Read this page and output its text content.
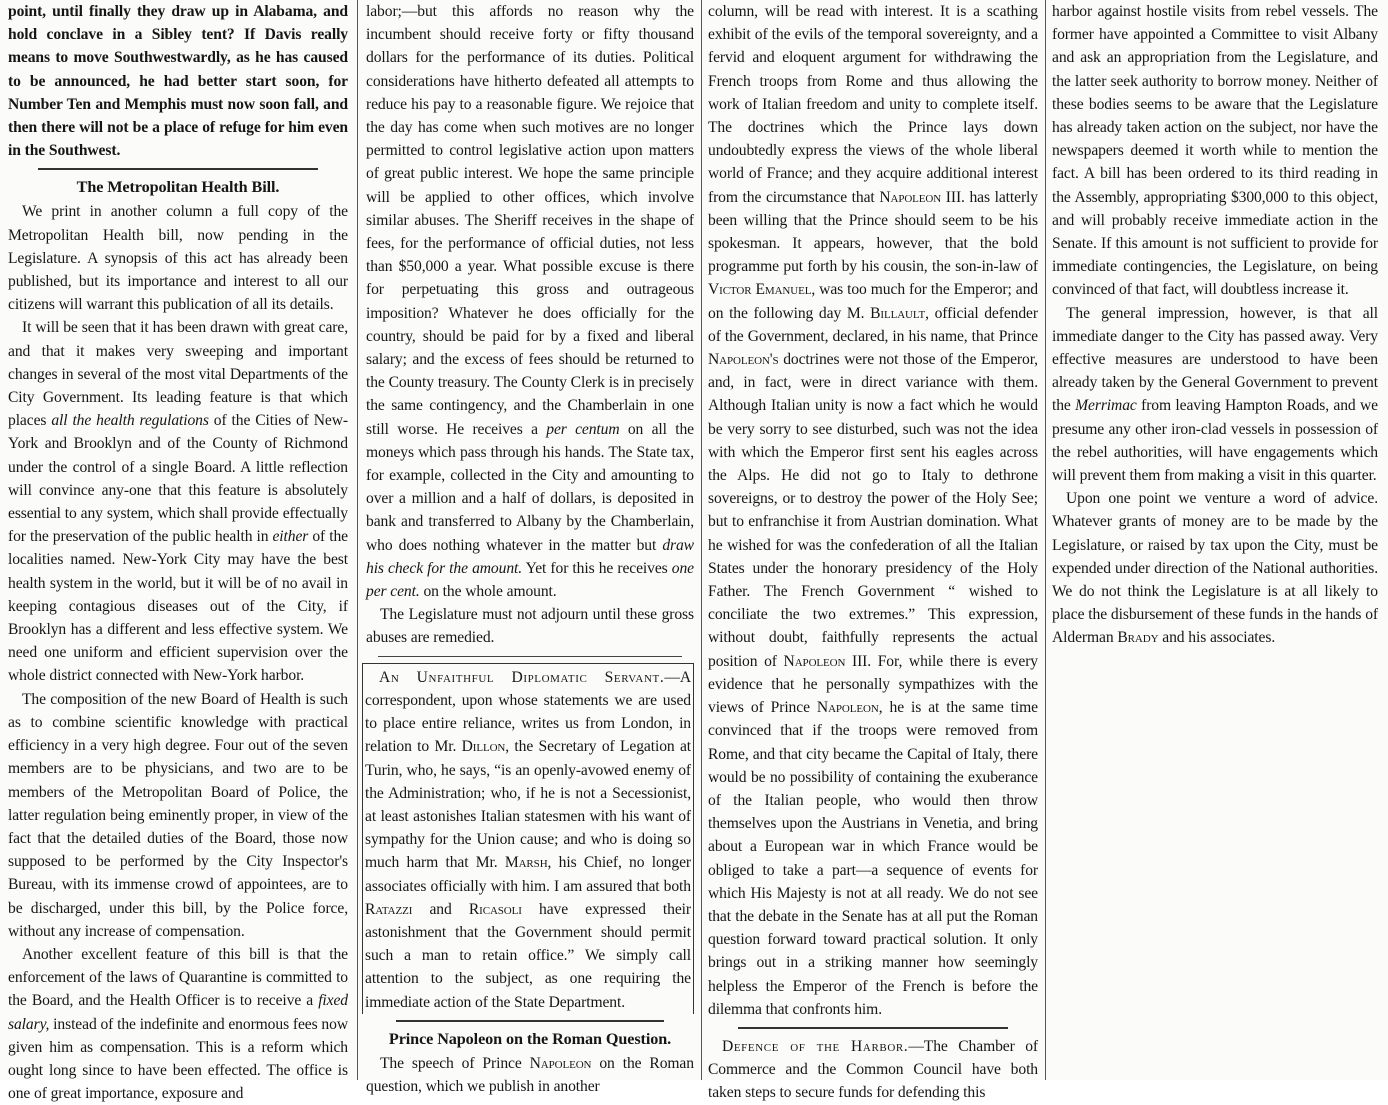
point, until finally they draw up in Alabama, and hold conclave in a Sibley tent? If Davis really means to move Southwestwardly, as he has caused to be announced, he had better start soon, for Number Ten and Memphis must now soon fall, and then there will not be a place of refuge for him even in the Southwest.

The Metropolitan Health Bill.

We print in another column a full copy of the Metropolitan Health bill, now pending in the Legislature. A synopsis of this act has already been published, but its importance and interest to all our citizens will warrant this publication of all its details.

It will be seen that it has been drawn with great care, and that it makes very sweeping and important changes in several of the most vital Departments of the City Government. Its leading feature is that which places all the health regulations of the Cities of New-York and Brooklyn and of the County of Richmond under the control of a single Board. A little reflection will convince any-one that this feature is absolutely essential to any system, which shall provide effectually for the preservation of the public health in either of the localities named. New-York City may have the best health system in the world, but it will be of no avail in keeping contagious diseases out of the City, if Brooklyn has a different and less effective system. We need one uniform and efficient supervision over the whole district connected with New-York harbor.

The composition of the new Board of Health is such as to combine scientific knowledge with practical efficiency in a very high degree. Four out of the seven members are to be physicians, and two are to be members of the Metropolitan Board of Police, the latter regulation being eminently proper, in view of the fact that the detailed duties of the Board, those now supposed to be performed by the City Inspector's Bureau, with its immense crowd of appointees, are to be discharged, under this bill, by the Police force, without any increase of compensation.

Another excellent feature of this bill is that the enforcement of the laws of Quarantine is committed to the Board, and the Health Officer is to receive a fixed salary, instead of the indefinite and enormous fees now given him as compensation. This is a reform which ought long since to have been effected. The office is one of great importance, exposure and

labor;—but this affords no reason why the incumbent should receive forty or fifty thousand dollars for the performance of its duties. Political considerations have hitherto defeated all attempts to reduce his pay to a reasonable figure. We rejoice that the day has come when such motives are no longer permitted to control legislative action upon matters of great public interest. We hope the same principle will be applied to other offices, which involve similar abuses. The Sheriff receives in the shape of fees, for the performance of official duties, not less than $50,000 a year. What possible excuse is there for perpetuating this gross and outrageous imposition? Whatever he does officially for the country, should be paid for by a fixed and liberal salary; and the excess of fees should be returned to the County treasury. The County Clerk is in precisely the same contingency, and the Chamberlain in one still worse. He receives a per centum on all the moneys which pass through his hands. The State tax, for example, collected in the City and amounting to over a million and a half of dollars, is deposited in bank and transferred to Albany by the Chamberlain, who does nothing whatever in the matter but draw his check for the amount. Yet for this he receives one per cent. on the whole amount.

The Legislature must not adjourn until these gross abuses are remedied.

An Unfaithful Diplomatic Servant.—A correspondent, upon whose statements we are used to place entire reliance, writes us from London, in relation to Mr. Dillon, the Secretary of Legation at Turin, who, he says, “is an openly-avowed enemy of the Administration; who, if he is not a Secessionist, at least astonishes Italian statesmen with his want of sympathy for the Union cause; and who is doing so much harm that Mr. Marsh, his Chief, no longer associates officially with him. I am assured that both Ratazzi and Ricasoli have expressed their astonishment that the Government should permit such a man to retain office.” We simply call attention to the subject, as one requiring the immediate action of the State Department.

Prince Napoleon on the Roman Question.

The speech of Prince Napoleon on the Roman question, which we publish in another

column, will be read with interest. It is a scathing exhibit of the evils of the temporal sovereignty, and a fervid and eloquent argument for withdrawing the French troops from Rome and thus allowing the work of Italian freedom and unity to complete itself. The doctrines which the Prince lays down undoubtedly express the views of the whole liberal world of France; and they acquire additional interest from the circumstance that Napoleon III. has latterly been willing that the Prince should seem to be his spokesman. It appears, however, that the bold programme put forth by his cousin, the son-in-law of Victor Emanuel, was too much for the Emperor; and on the following day M. Billault, official defender of the Government, declared, in his name, that Prince Napoleon's doctrines were not those of the Emperor, and, in fact, were in direct variance with them. Although Italian unity is now a fact which he would be very sorry to see disturbed, such was not the idea with which the Emperor first sent his eagles across the Alps. He did not go to Italy to dethrone sovereigns, or to destroy the power of the Holy See; but to enfranchise it from Austrian domination. What he wished for was the confederation of all the Italian States under the honorary presidency of the Holy Father. The French Government “ wished to conciliate the two extremes.” This expression, without doubt, faithfully represents the actual position of Napoleon III. For, while there is every evidence that he personally sympathizes with the views of Prince Napoleon, he is at the same time convinced that if the troops were removed from Rome, and that city became the Capital of Italy, there would be no possibility of containing the exuberance of the Italian people, who would then throw themselves upon the Austrians in Venetia, and bring about a European war in which France would be obliged to take a part—a sequence of events for which His Majesty is not at all ready. We do not see that the debate in the Senate has at all put the Roman question forward toward practical solution. It only brings out in a striking manner how seemingly helpless the Emperor of the French is before the dilemma that confronts him.

Defence of the Harbor.—The Chamber of Commerce and the Common Council have both taken steps to secure funds for defending this

harbor against hostile visits from rebel vessels. The former have appointed a Committee to visit Albany and ask an appropriation from the Legislature, and the latter seek authority to borrow money. Neither of these bodies seems to be aware that the Legislature has already taken action on the subject, nor have the newspapers deemed it worth while to mention the fact. A bill has been ordered to its third reading in the Assembly, appropriating $300,000 to this object, and will probably receive immediate action in the Senate. If this amount is not sufficient to provide for immediate contingencies, the Legislature, on being convinced of that fact, will doubtless increase it.

The general impression, however, is that all immediate danger to the City has passed away. Very effective measures are understood to have been already taken by the General Government to prevent the Merrimac from leaving Hampton Roads, and we presume any other iron-clad vessels in possession of the rebel authorities, will have engagements which will prevent them from making a visit in this quarter.

Upon one point we venture a word of advice. Whatever grants of money are to be made by the Legislature, or raised by tax upon the City, must be expended under direction of the National authorities. We do not think the Legislature is at all likely to place the disbursement of these funds in the hands of Alderman Brady and his associates.
